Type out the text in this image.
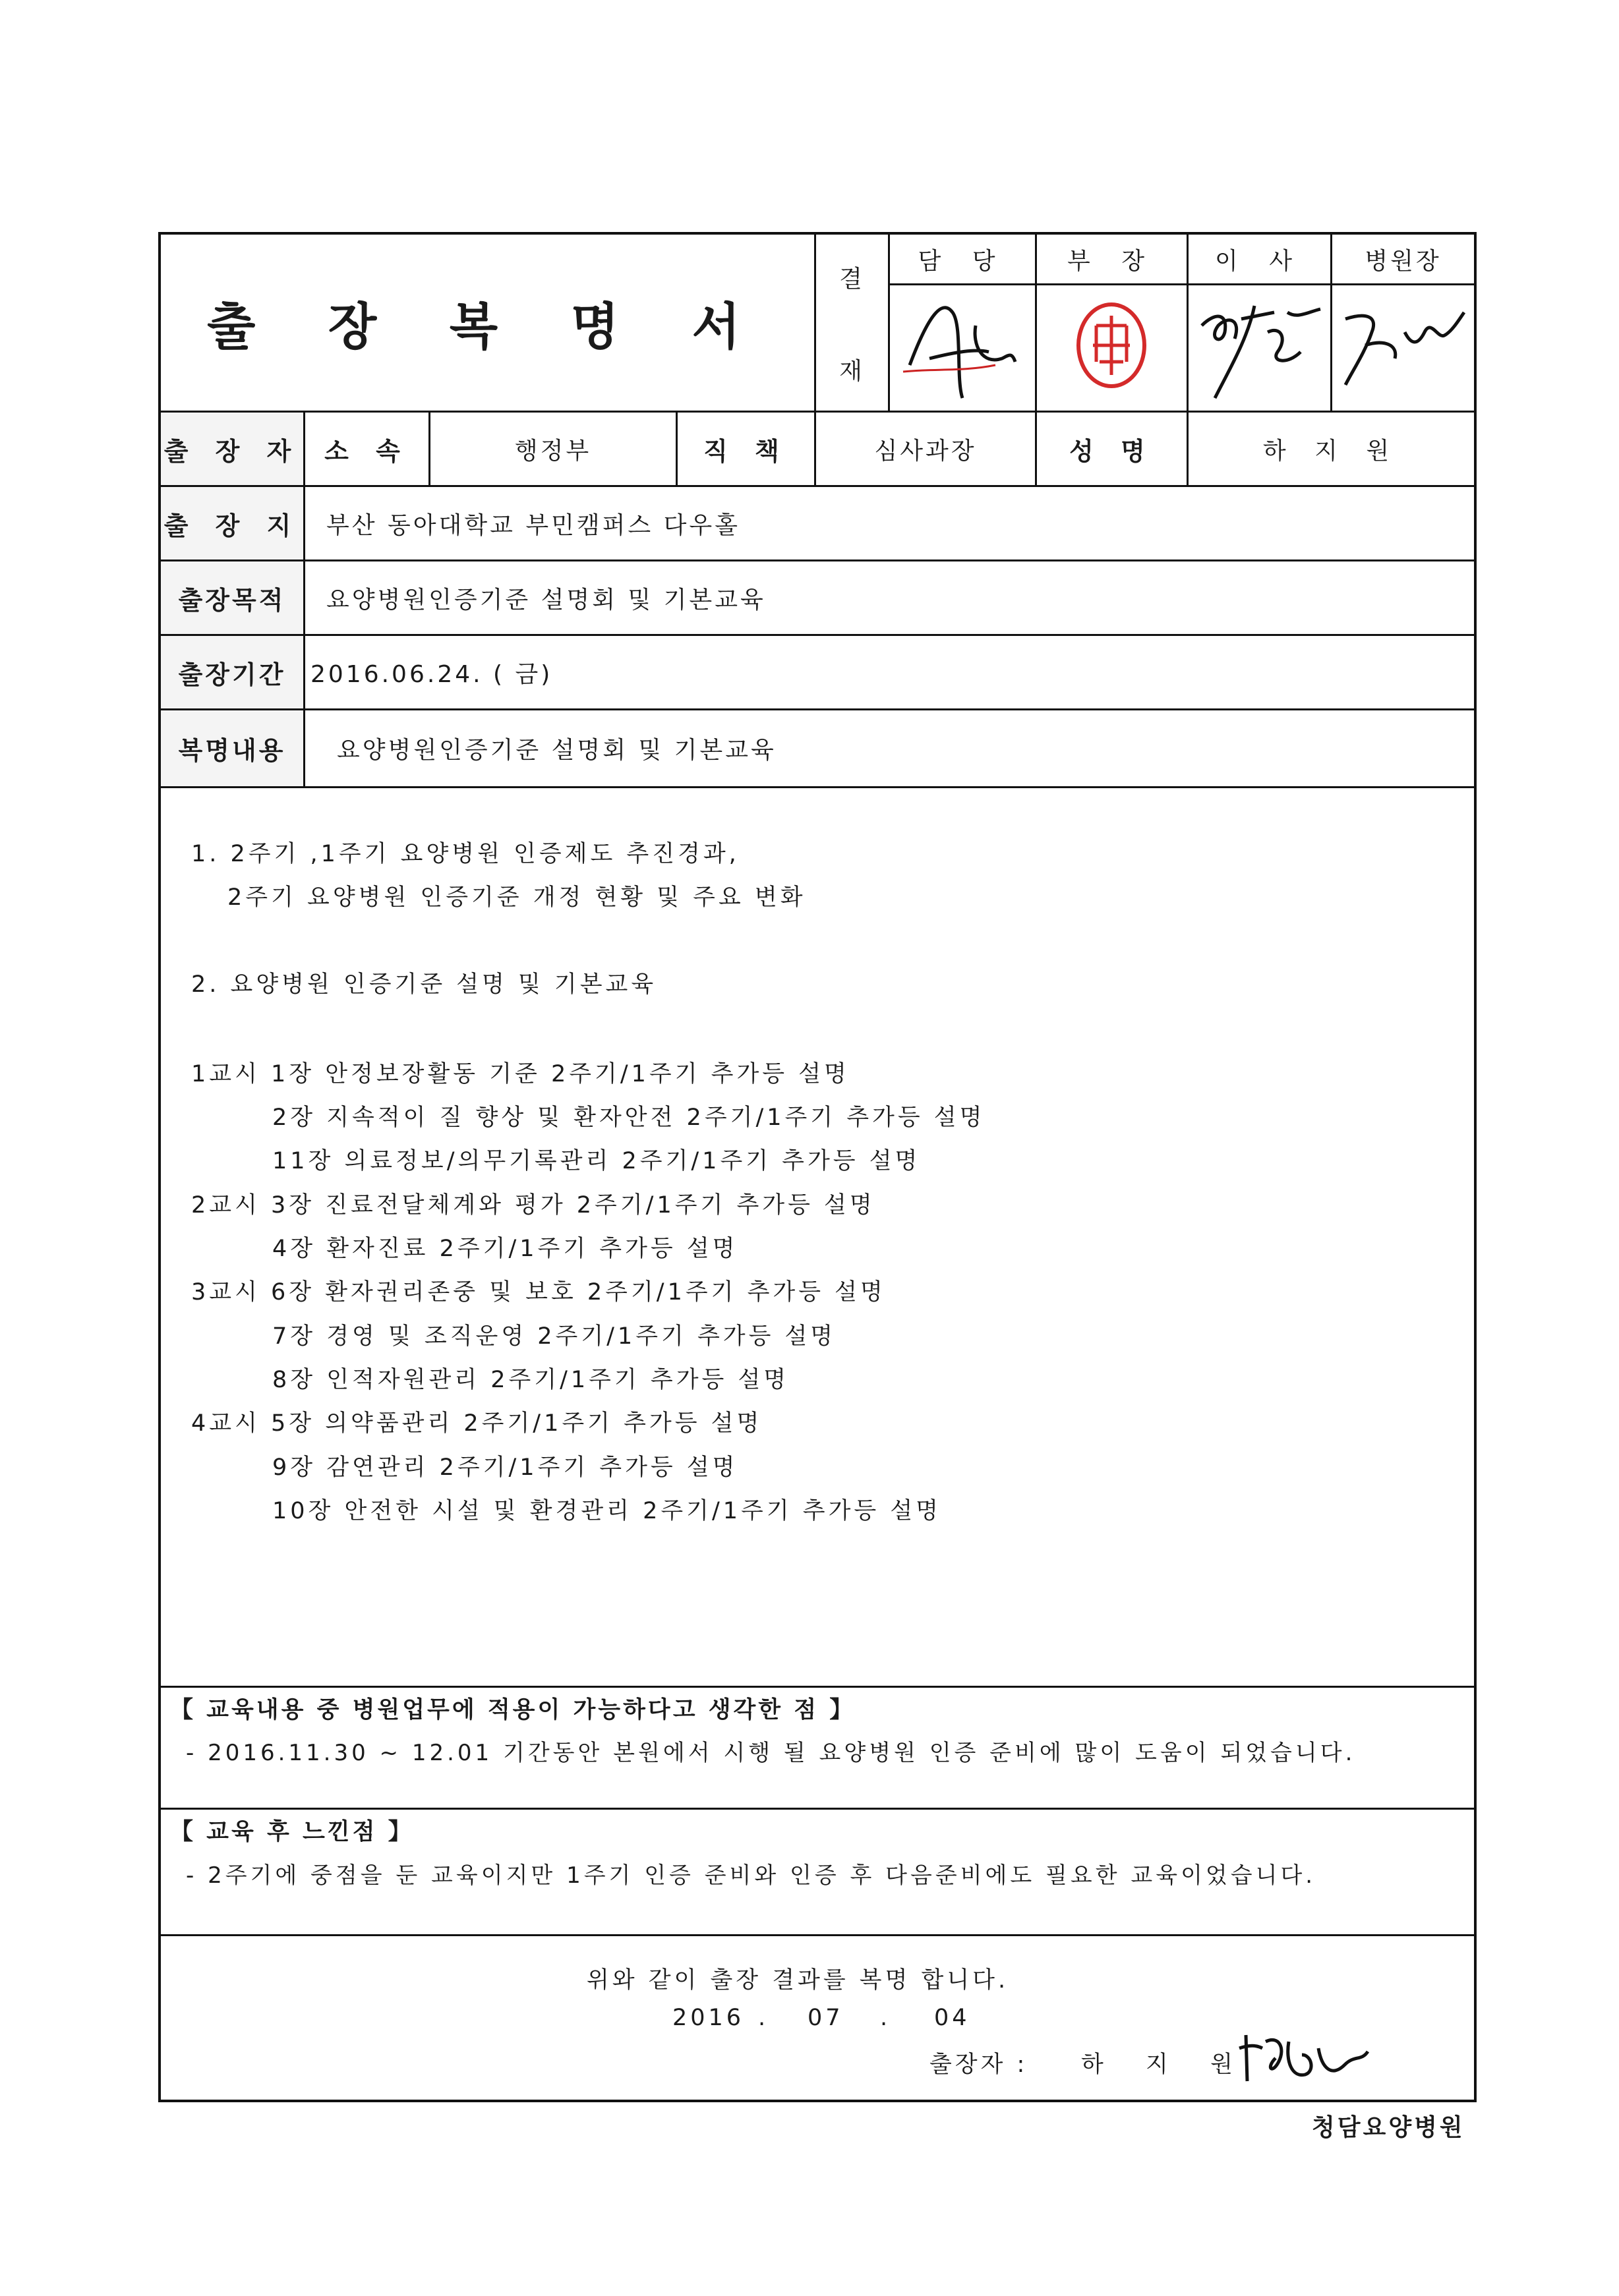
출 장 복 명 서
결
재
담 당	부 장	이 사	병원장
출 장 자 소 속	행정부	직 책	심사과장	성 명	하 지 원
출 장 지	부산 동아대학교 부민캠퍼스 다우홀
출장목적	요양병원인증기준 설명회 및 기본교육
출장기간	2016.06.24. ( 금)
복명내용	요양병원인증기준 설명회 및 기본교육
1. 2주기 ,1주기 요양병원 인증제도 추진경과,
2주기 요양병원 인증기준 개정 현황 및 주요 변화
2. 요양병원 인증기준 설명 및 기본교육
1교시 1장 안정보장활동 기준 2주기/1주기 추가등 설명
2장 지속적이 질 향상 및 환자안전 2주기/1주기 추가등 설명
11장 의료정보/의무기록관리 2주기/1주기 추가등 설명
2교시 3장 진료전달체계와 평가 2주기/1주기 추가등 설명
4장 환자진료 2주기/1주기 추가등 설명
3교시 6장 환자권리존중 및 보호 2주기/1주기 추가등 설명
7장 경영 및 조직운영 2주기/1주기 추가등 설명
8장 인적자원관리 2주기/1주기 추가등 설명
4교시 5장 의약품관리 2주기/1주기 추가등 설명
9장 감연관리 2주기/1주기 추가등 설명
10장 안전한 시설 및 환경관리 2주기/1주기 추가등 설명
【 교육내용 중 병원업무에 적용이 가능하다고 생각한 점 】
- 2016.11.30 ~ 12.01 기간동안 본원에서 시행 될 요양병원 인증 준비에 많이 도움이 되었습니다.
【 교육 후 느낀점 】
- 2주기에 중점을 둔 교육이지만 1주기 인증 준비와 인증 후 다음준비에도 필요한 교육이었습니다.
위와 같이 출장 결과를 복명 합니다.
2016 . 07 . 04
출장자 : 하  지  원
청담요양병원
